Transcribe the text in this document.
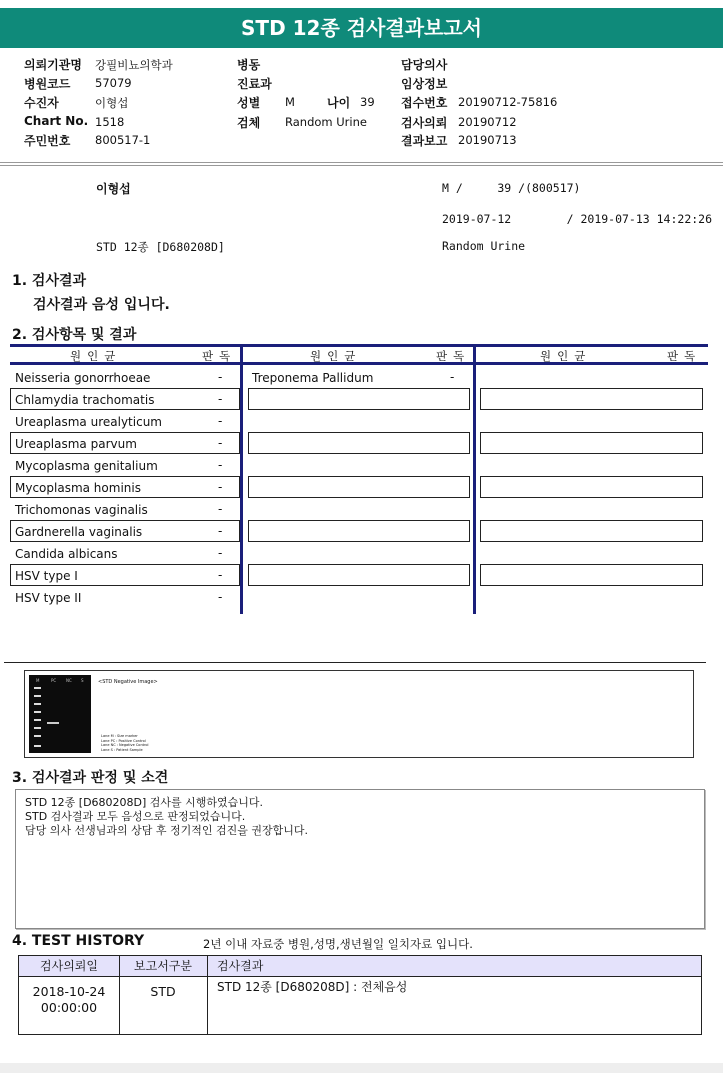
STD 12종 검사결과보고서
의뢰기관명 강필비뇨의학과
병원코드 57079
수진자	이형섭
Chart No. 1518
주민번호 800517-1
병동
진료과
성별 M	나이 39
검체 Random Urine
담당의사
임상정보
접수번호 20190712-75816
검사의뢰 20190712
결과보고 20190713
이형섭	M /     39 /(800517)
2019-07-12        / 2019-07-13 14:22:26
STD 12종 [D680208D]	Random Urine
1. 검사결과
검사결과 음성 입니다.
2. 검사항목 및 결과
원인균	판독	원인균	판독	원인균	판독
Neisseria gonorrhoeae	-
Chlamydia trachomatis	-
Ureaplasma urealyticum	-
Ureaplasma parvum	-
Mycoplasma genitalium	-
Mycoplasma hominis	-
Trichomonas vaginalis	-
Gardnerella vaginalis	-
Candida albicans	-
HSV type I	-
HSV type II	-
Treponema Pallidum	-
M	PC NC S	<STD Negative Image>
Lane M : Size marker
Lane PC : Positive Control
Lane NC : Negative Control
Lane S : Patient Sample
3. 검사결과 판정 및 소견
STD 12종 [D680208D] 검사를 시행하였습니다.
STD 검사결과 모두 음성으로 판정되었습니다.
담당 의사 선생님과의 상담 후 정기적인 검진을 권장합니다.
4. TEST HISTORY	2년 이내 자료중 병원,성명,생년월일 일치자료 입니다.
검사의뢰일	보고서구분	검사결과
2018-10-24
00:00:00
STD	STD 12종 [D680208D] : 전체음성
